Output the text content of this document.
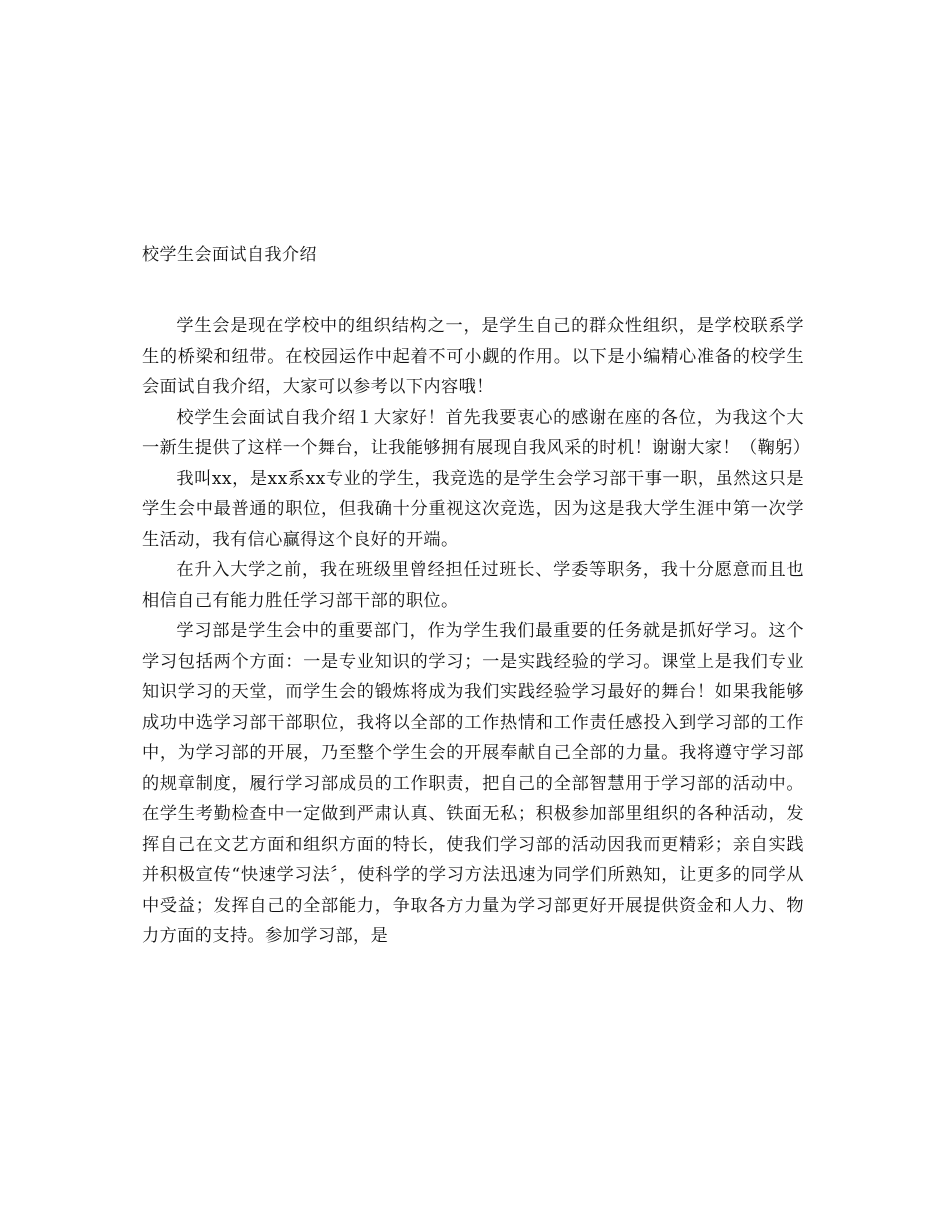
校学生会面试自我介绍

学生会是现在学校中的组织结构之一，是学生自己的群众性组织，是学校联系学生的桥梁和纽带。在校园运作中起着不可小觑的作用。以下是小编精心准备的校学生会面试自我介绍，大家可以参考以下内容哦！

校学生会面试自我介绍１大家好！首先我要衷心的感谢在座的各位，为我这个大一新生提供了这样一个舞台，让我能够拥有展现自我风采的时机！谢谢大家！（鞠躬）

我叫xx，是xx系xx专业的学生，我竞选的是学生会学习部干事一职，虽然这只是学生会中最普通的职位，但我确十分重视这次竞选，因为这是我大学生涯中第一次学生活动，我有信心赢得这个良好的开端。

在升入大学之前，我在班级里曾经担任过班长、学委等职务，我十分愿意而且也相信自己有能力胜任学习部干部的职位。

学习部是学生会中的重要部门，作为学生我们最重要的任务就是抓好学习。这个学习包括两个方面：一是专业知识的学习；一是实践经验的学习。课堂上是我们专业知识学习的天堂，而学生会的锻炼将成为我们实践经验学习最好的舞台！如果我能够成功中选学习部干部职位，我将以全部的工作热情和工作责任感投入到学习部的工作中，为学习部的开展，乃至整个学生会的开展奉献自己全部的力量。我将遵守学习部的规章制度，履行学习部成员的工作职责，把自己的全部智慧用于学习部的活动中。在学生考勤检查中一定做到严肃认真、铁面无私；积极参加部里组织的各种活动，发挥自己在文艺方面和组织方面的特长，使我们学习部的活动因我而更精彩；亲自实践并积极宣传“快速学习法〞，使科学的学习方法迅速为同学们所熟知，让更多的同学从中受益；发挥自己的全部能力，争取各方力量为学习部更好开展提供资金和人力、物力方面的支持。参加学习部，是
